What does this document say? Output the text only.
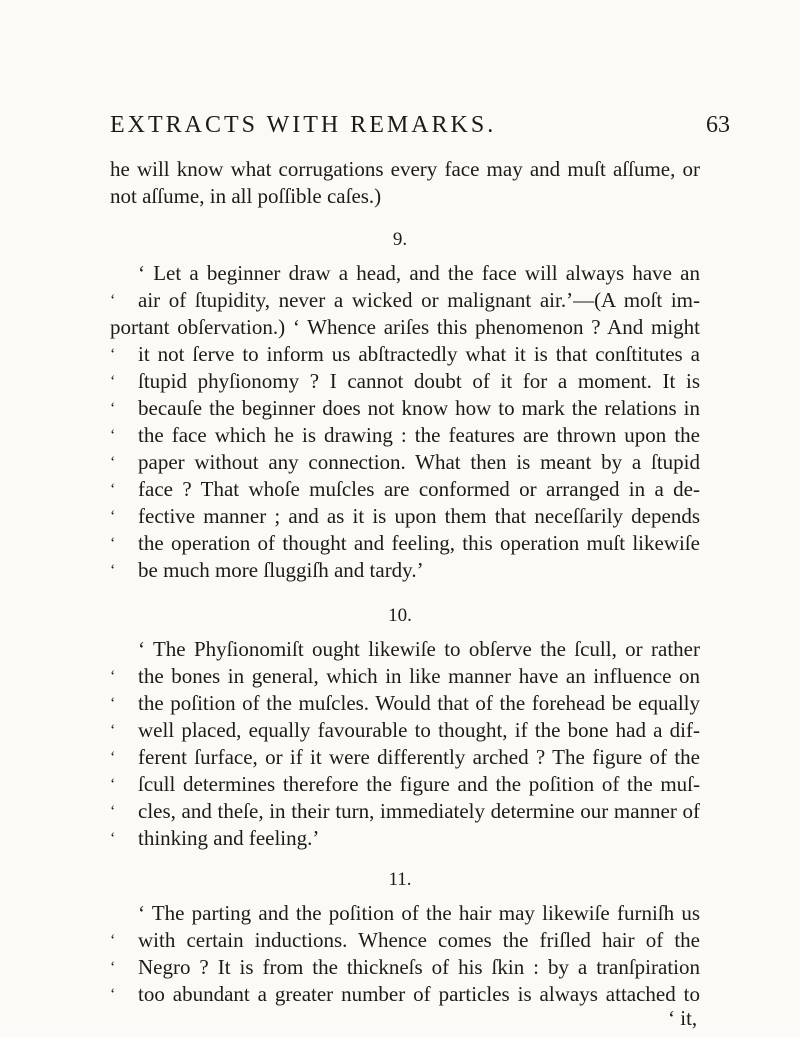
EXTRACTS WITH REMARKS.	63
he will know what corrugations every face may and muſt aſſume, or
not aſſume, in all poſſible caſes.)
9.
‘ Let a beginner draw a head, and the face will always have an
‘	air of ſtupidity, never a wicked or malignant air.’—(A moſt im-
portant obſervation.) ‘ Whence ariſes this phenomenon ? And might
‘	it not ſerve to inform us abſtractedly what it is that conſtitutes a
‘	ſtupid phyſionomy ? I cannot doubt of it for a moment. It is
‘	becauſe the beginner does not know how to mark the relations in
‘	the face which he is drawing : the features are thrown upon the
‘	paper without any connection. What then is meant by a ſtupid
‘	face ? That whoſe muſcles are conformed or arranged in a de-
‘	fective manner ; and as it is upon them that neceſſarily depends
‘	the operation of thought and feeling, this operation muſt likewiſe
‘	be much more ſluggiſh and tardy.’
10.
‘ The Phyſionomiſt ought likewiſe to obſerve the ſcull, or rather
‘	the bones in general, which in like manner have an influence on
‘	the poſition of the muſcles. Would that of the forehead be equally
‘	well placed, equally favourable to thought, if the bone had a dif-
‘	ferent ſurface, or if it were differently arched ? The figure of the
‘	ſcull determines therefore the figure and the poſition of the muſ-
‘	cles, and theſe, in their turn, immediately determine our manner of
‘	thinking and feeling.’
11.
‘ The parting and the poſition of the hair may likewiſe furniſh us
‘	with certain inductions. Whence comes the friſled hair of the
‘	Negro ? It is from the thickneſs of his ſkin : by a tranſpiration
‘	too abundant a greater number of particles is always attached to
‘ it,
